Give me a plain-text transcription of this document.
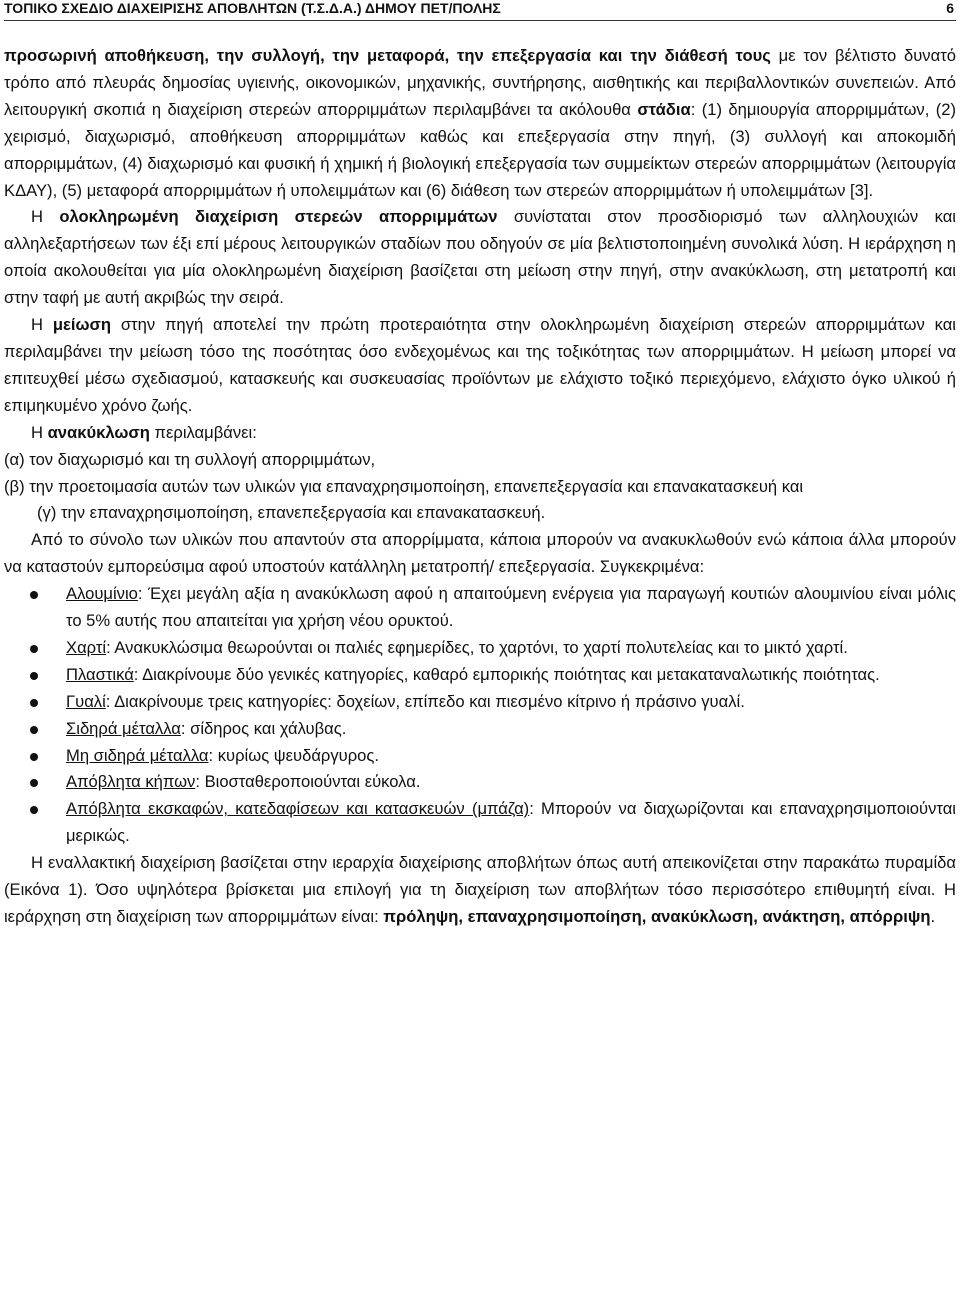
ΤΟΠΙΚΟ ΣΧΕΔΙΟ ΔΙΑΧΕΙΡΙΣΗΣ ΑΠΟΒΛΗΤΩΝ (Τ.Σ.Δ.Α.) ΔΗΜΟΥ ΠΕΤ/ΠΟΛΗΣ	6

προσωρινή αποθήκευση, την συλλογή, την μεταφορά, την επεξεργασία και την διάθεσή τους με τον βέλτιστο δυνατό τρόπο από πλευράς δημοσίας υγιεινής, οικονομικών, μηχανικής, συντήρησης, αισθητικής και περιβαλλοντικών συνεπειών. Από λειτουργική σκοπιά η διαχείριση στερεών απορριμμάτων περιλαμβάνει τα ακόλουθα στάδια: (1) δημιουργία απορριμμάτων, (2) χειρισμό, διαχωρισμό, αποθήκευση απορριμμάτων καθώς και επεξεργασία στην πηγή, (3) συλλογή και αποκομιδή απορριμμάτων, (4) διαχωρισμό και φυσική ή χημική ή βιολογική επεξεργασία των συμμείκτων στερεών απορριμμάτων (λειτουργία ΚΔΑΥ), (5) μεταφορά απορριμμάτων ή υπολειμμάτων και (6) διάθεση των στερεών απορριμμάτων ή υπολειμμάτων [3].

Η ολοκληρωμένη διαχείριση στερεών απορριμμάτων συνίσταται στον προσδιορισμό των αλληλουχιών και αλληλεξαρτήσεων των έξι επί μέρους λειτουργικών σταδίων που οδηγούν σε μία βελτιστοποιημένη συνολικά λύση. Η ιεράρχηση η οποία ακολουθείται για μία ολοκληρωμένη διαχείριση βασίζεται στη μείωση στην πηγή, στην ανακύκλωση, στη μετατροπή και στην ταφή με αυτή ακριβώς την σειρά.

Η μείωση στην πηγή αποτελεί την πρώτη προτεραιότητα στην ολοκληρωμένη διαχείριση στερεών απορριμμάτων και περιλαμβάνει την μείωση τόσο της ποσότητας όσο ενδεχομένως και της τοξικότητας των απορριμμάτων. Η μείωση μπορεί να επιτευχθεί μέσω σχεδιασμού, κατασκευής και συσκευασίας προϊόντων με ελάχιστο τοξικό περιεχόμενο, ελάχιστο όγκο υλικού ή επιμηκυμένο χρόνο ζωής.

Η ανακύκλωση περιλαμβάνει:

(α) τον διαχωρισμό και τη συλλογή απορριμμάτων,

(β) την προετοιμασία αυτών των υλικών για επαναχρησιμοποίηση, επανεπεξεργασία και επανακατασκευή και

(γ) την επαναχρησιμοποίηση, επανεπεξεργασία και επανακατασκευή.

Από το σύνολο των υλικών που απαντούν στα απορρίμματα, κάποια μπορούν να ανακυκλωθούν ενώ κάποια άλλα μπορούν να καταστούν εμπορεύσιμα αφού υποστούν κατάλληλη μετατροπή/ επεξεργασία. Συγκεκριμένα:

Αλουμίνιο: Έχει μεγάλη αξία η ανακύκλωση αφού η απαιτούμενη ενέργεια για παραγωγή κουτιών αλουμινίου είναι μόλις το 5% αυτής που απαιτείται για χρήση νέου ορυκτού.
Χαρτί: Ανακυκλώσιμα θεωρούνται οι παλιές εφημερίδες, το χαρτόνι, το χαρτί πολυτελείας και το μικτό χαρτί.
Πλαστικά: Διακρίνουμε δύο γενικές κατηγορίες, καθαρό εμπορικής ποιότητας και μετακαταναλωτικής ποιότητας.
Γυαλί: Διακρίνουμε τρεις κατηγορίες: δοχείων, επίπεδο και πιεσμένο κίτρινο ή πράσινο γυαλί.
Σιδηρά μέταλλα: σίδηρος και χάλυβας.
Μη σιδηρά μέταλλα: κυρίως ψευδάργυρος.
Απόβλητα κήπων: Βιοσταθεροποιούνται εύκολα.
Απόβλητα εκσκαφών, κατεδαφίσεων και κατασκευών (μπάζα): Μπορούν να διαχωρίζονται και επαναχρησιμοποιούνται μερικώς.

Η εναλλακτική διαχείριση βασίζεται στην ιεραρχία διαχείρισης αποβλήτων όπως αυτή απεικονίζεται στην παρακάτω πυραμίδα (Εικόνα 1). Όσο υψηλότερα βρίσκεται μια επιλογή για τη διαχείριση των αποβλήτων τόσο περισσότερο επιθυμητή είναι. Η ιεράρχηση στη διαχείριση των απορριμμάτων είναι: πρόληψη, επαναχρησιμοποίηση, ανακύκλωση, ανάκτηση, απόρριψη.
